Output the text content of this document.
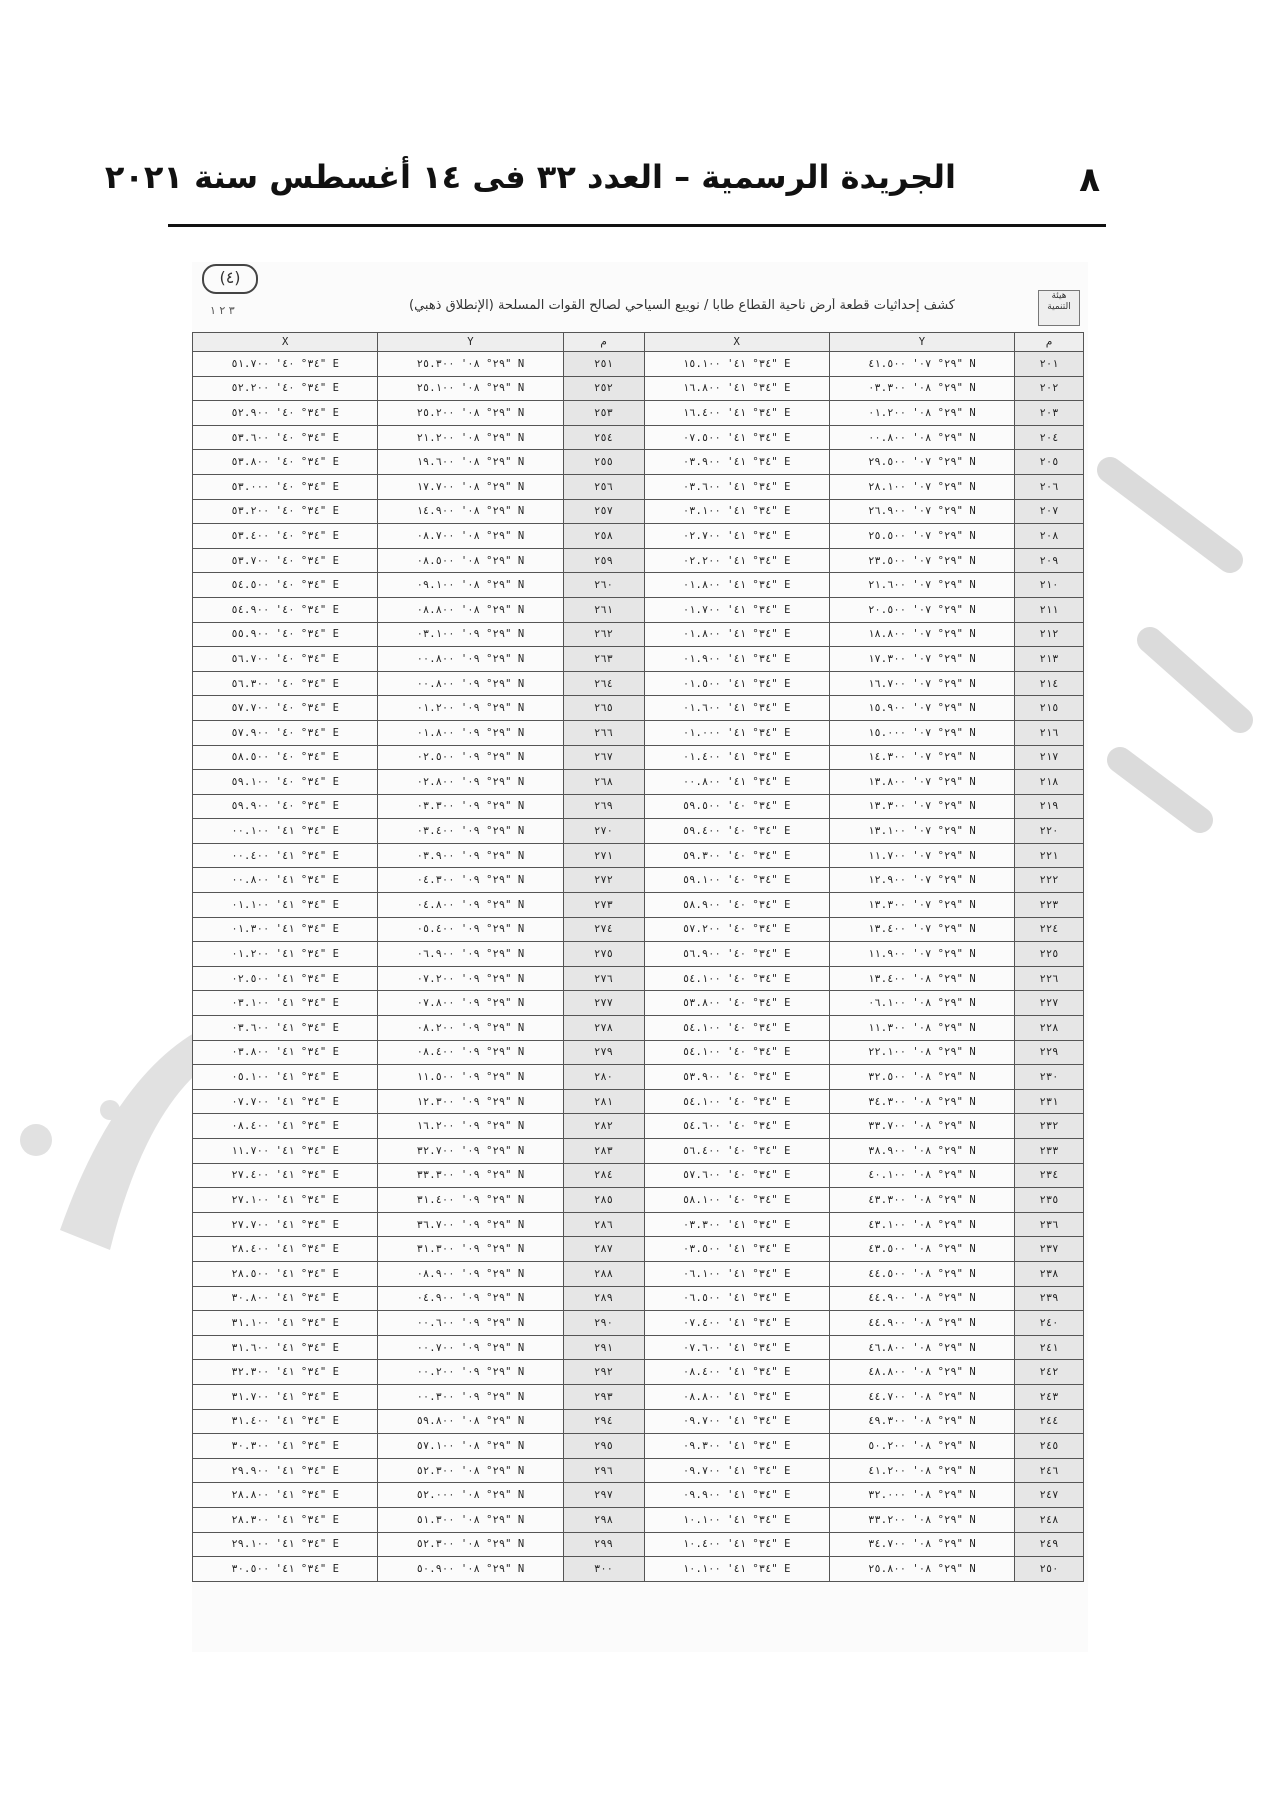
٨
الجريدة الرسمية – العدد ٣٢ فى ١٤ أغسطس سنة ٢٠٢١
(٤)
۱ ۲ ۳	كشف إحداثيات قطعة أرض ناحية القطاع طابا / نويبع السياحي لصالح القوات المسلحة (الإنطلاق ذهبي)
هيئة التنمية
X	Y	م	X	Y	م
٣٤° ٤٠' ٥١.٧٠٠" E	٢٩° ٠٨' ٢٥.٣٠٠" N	٢٥١	٣٤° ٤١' ١٥.١٠٠" E	٢٩° ٠٧' ٤١.٥٠٠" N	٢٠١
٣٤° ٤٠' ٥٢.٢٠٠" E	٢٩° ٠٨' ٢٥.١٠٠" N	٢٥٢	٣٤° ٤١' ١٦.٨٠٠" E	٢٩° ٠٨' ٠٣.٣٠٠" N	٢٠٢
٣٤° ٤٠' ٥٢.٩٠٠" E	٢٩° ٠٨' ٢٥.٢٠٠" N	٢٥٣	٣٤° ٤١' ١٦.٤٠٠" E	٢٩° ٠٨' ٠١.٢٠٠" N	٢٠٣
٣٤° ٤٠' ٥٣.٦٠٠" E	٢٩° ٠٨' ٢١.٢٠٠" N	٢٥٤	٣٤° ٤١' ٠٧.٥٠٠" E	٢٩° ٠٨' ٠٠.٨٠٠" N	٢٠٤
٣٤° ٤٠' ٥٣.٨٠٠" E	٢٩° ٠٨' ١٩.٦٠٠" N	٢٥٥	٣٤° ٤١' ٠٣.٩٠٠" E	٢٩° ٠٧' ٢٩.٥٠٠" N	٢٠٥
٣٤° ٤٠' ٥٣.٠٠٠" E	٢٩° ٠٨' ١٧.٧٠٠" N	٢٥٦	٣٤° ٤١' ٠٣.٦٠٠" E	٢٩° ٠٧' ٢٨.١٠٠" N	٢٠٦
٣٤° ٤٠' ٥٣.٢٠٠" E	٢٩° ٠٨' ١٤.٩٠٠" N	٢٥٧	٣٤° ٤١' ٠٣.١٠٠" E	٢٩° ٠٧' ٢٦.٩٠٠" N	٢٠٧
٣٤° ٤٠' ٥٣.٤٠٠" E	٢٩° ٠٨' ٠٨.٧٠٠" N	٢٥٨	٣٤° ٤١' ٠٢.٧٠٠" E	٢٩° ٠٧' ٢٥.٥٠٠" N	٢٠٨
٣٤° ٤٠' ٥٣.٧٠٠" E	٢٩° ٠٨' ٠٨.٥٠٠" N	٢٥٩	٣٤° ٤١' ٠٢.٢٠٠" E	٢٩° ٠٧' ٢٣.٥٠٠" N	٢٠٩
٣٤° ٤٠' ٥٤.٥٠٠" E	٢٩° ٠٨' ٠٩.١٠٠" N	٢٦٠	٣٤° ٤١' ٠١.٨٠٠" E	٢٩° ٠٧' ٢١.٦٠٠" N	٢١٠
٣٤° ٤٠' ٥٤.٩٠٠" E	٢٩° ٠٨' ٠٨.٨٠٠" N	٢٦١	٣٤° ٤١' ٠١.٧٠٠" E	٢٩° ٠٧' ٢٠.٥٠٠" N	٢١١
٣٤° ٤٠' ٥٥.٩٠٠" E	٢٩° ٠٩' ٠٣.١٠٠" N	٢٦٢	٣٤° ٤١' ٠١.٨٠٠" E	٢٩° ٠٧' ١٨.٨٠٠" N	٢١٢
٣٤° ٤٠' ٥٦.٧٠٠" E	٢٩° ٠٩' ٠٠.٨٠٠" N	٢٦٣	٣٤° ٤١' ٠١.٩٠٠" E	٢٩° ٠٧' ١٧.٣٠٠" N	٢١٣
٣٤° ٤٠' ٥٦.٣٠٠" E	٢٩° ٠٩' ٠٠.٨٠٠" N	٢٦٤	٣٤° ٤١' ٠١.٥٠٠" E	٢٩° ٠٧' ١٦.٧٠٠" N	٢١٤
٣٤° ٤٠' ٥٧.٧٠٠" E	٢٩° ٠٩' ٠١.٢٠٠" N	٢٦٥	٣٤° ٤١' ٠١.٦٠٠" E	٢٩° ٠٧' ١٥.٩٠٠" N	٢١٥
٣٤° ٤٠' ٥٧.٩٠٠" E	٢٩° ٠٩' ٠١.٨٠٠" N	٢٦٦	٣٤° ٤١' ٠١.٠٠٠" E	٢٩° ٠٧' ١٥.٠٠٠" N	٢١٦
٣٤° ٤٠' ٥٨.٥٠٠" E	٢٩° ٠٩' ٠٢.٥٠٠" N	٢٦٧	٣٤° ٤١' ٠١.٤٠٠" E	٢٩° ٠٧' ١٤.٣٠٠" N	٢١٧
٣٤° ٤٠' ٥٩.١٠٠" E	٢٩° ٠٩' ٠٢.٨٠٠" N	٢٦٨	٣٤° ٤١' ٠٠.٨٠٠" E	٢٩° ٠٧' ١٣.٨٠٠" N	٢١٨
٣٤° ٤٠' ٥٩.٩٠٠" E	٢٩° ٠٩' ٠٣.٣٠٠" N	٢٦٩	٣٤° ٤٠' ٥٩.٥٠٠" E	٢٩° ٠٧' ١٣.٣٠٠" N	٢١٩
٣٤° ٤١' ٠٠.١٠٠" E	٢٩° ٠٩' ٠٣.٤٠٠" N	٢٧٠	٣٤° ٤٠' ٥٩.٤٠٠" E	٢٩° ٠٧' ١٣.١٠٠" N	٢٢٠
٣٤° ٤١' ٠٠.٤٠٠" E	٢٩° ٠٩' ٠٣.٩٠٠" N	٢٧١	٣٤° ٤٠' ٥٩.٣٠٠" E	٢٩° ٠٧' ١١.٧٠٠" N	٢٢١
٣٤° ٤١' ٠٠.٨٠٠" E	٢٩° ٠٩' ٠٤.٣٠٠" N	٢٧٢	٣٤° ٤٠' ٥٩.١٠٠" E	٢٩° ٠٧' ١٢.٩٠٠" N	٢٢٢
٣٤° ٤١' ٠١.١٠٠" E	٢٩° ٠٩' ٠٤.٨٠٠" N	٢٧٣	٣٤° ٤٠' ٥٨.٩٠٠" E	٢٩° ٠٧' ١٣.٣٠٠" N	٢٢٣
٣٤° ٤١' ٠١.٣٠٠" E	٢٩° ٠٩' ٠٥.٤٠٠" N	٢٧٤	٣٤° ٤٠' ٥٧.٢٠٠" E	٢٩° ٠٧' ١٣.٤٠٠" N	٢٢٤
٣٤° ٤١' ٠١.٢٠٠" E	٢٩° ٠٩' ٠٦.٩٠٠" N	٢٧٥	٣٤° ٤٠' ٥٦.٩٠٠" E	٢٩° ٠٧' ١١.٩٠٠" N	٢٢٥
٣٤° ٤١' ٠٢.٥٠٠" E	٢٩° ٠٩' ٠٧.٢٠٠" N	٢٧٦	٣٤° ٤٠' ٥٤.١٠٠" E	٢٩° ٠٨' ١٣.٤٠٠" N	٢٢٦
٣٤° ٤١' ٠٣.١٠٠" E	٢٩° ٠٩' ٠٧.٨٠٠" N	٢٧٧	٣٤° ٤٠' ٥٣.٨٠٠" E	٢٩° ٠٨' ٠٦.١٠٠" N	٢٢٧
٣٤° ٤١' ٠٣.٦٠٠" E	٢٩° ٠٩' ٠٨.٢٠٠" N	٢٧٨	٣٤° ٤٠' ٥٤.١٠٠" E	٢٩° ٠٨' ١١.٣٠٠" N	٢٢٨
٣٤° ٤١' ٠٣.٨٠٠" E	٢٩° ٠٩' ٠٨.٤٠٠" N	٢٧٩	٣٤° ٤٠' ٥٤.١٠٠" E	٢٩° ٠٨' ٢٢.١٠٠" N	٢٢٩
٣٤° ٤١' ٠٥.١٠٠" E	٢٩° ٠٩' ١١.٥٠٠" N	٢٨٠	٣٤° ٤٠' ٥٣.٩٠٠" E	٢٩° ٠٨' ٣٢.٥٠٠" N	٢٣٠
٣٤° ٤١' ٠٧.٧٠٠" E	٢٩° ٠٩' ١٢.٣٠٠" N	٢٨١	٣٤° ٤٠' ٥٤.١٠٠" E	٢٩° ٠٨' ٣٤.٣٠٠" N	٢٣١
٣٤° ٤١' ٠٨.٤٠٠" E	٢٩° ٠٩' ١٦.٢٠٠" N	٢٨٢	٣٤° ٤٠' ٥٤.٦٠٠" E	٢٩° ٠٨' ٣٣.٧٠٠" N	٢٣٢
٣٤° ٤١' ١١.٧٠٠" E	٢٩° ٠٩' ٣٢.٧٠٠" N	٢٨٣	٣٤° ٤٠' ٥٦.٤٠٠" E	٢٩° ٠٨' ٣٨.٩٠٠" N	٢٣٣
٣٤° ٤١' ٢٧.٤٠٠" E	٢٩° ٠٩' ٣٣.٣٠٠" N	٢٨٤	٣٤° ٤٠' ٥٧.٦٠٠" E	٢٩° ٠٨' ٤٠.١٠٠" N	٢٣٤
٣٤° ٤١' ٢٧.١٠٠" E	٢٩° ٠٩' ٣١.٤٠٠" N	٢٨٥	٣٤° ٤٠' ٥٨.١٠٠" E	٢٩° ٠٨' ٤٣.٣٠٠" N	٢٣٥
٣٤° ٤١' ٢٧.٧٠٠" E	٢٩° ٠٩' ٣٦.٧٠٠" N	٢٨٦	٣٤° ٤١' ٠٣.٣٠٠" E	٢٩° ٠٨' ٤٣.١٠٠" N	٢٣٦
٣٤° ٤١' ٢٨.٤٠٠" E	٢٩° ٠٩' ٣١.٣٠٠" N	٢٨٧	٣٤° ٤١' ٠٣.٥٠٠" E	٢٩° ٠٨' ٤٣.٥٠٠" N	٢٣٧
٣٤° ٤١' ٢٨.٥٠٠" E	٢٩° ٠٩' ٠٨.٩٠٠" N	٢٨٨	٣٤° ٤١' ٠٦.١٠٠" E	٢٩° ٠٨' ٤٤.٥٠٠" N	٢٣٨
٣٤° ٤١' ٣٠.٨٠٠" E	٢٩° ٠٩' ٠٤.٩٠٠" N	٢٨٩	٣٤° ٤١' ٠٦.٥٠٠" E	٢٩° ٠٨' ٤٤.٩٠٠" N	٢٣٩
٣٤° ٤١' ٣١.١٠٠" E	٢٩° ٠٩' ٠٠.٦٠٠" N	٢٩٠	٣٤° ٤١' ٠٧.٤٠٠" E	٢٩° ٠٨' ٤٤.٩٠٠" N	٢٤٠
٣٤° ٤١' ٣١.٦٠٠" E	٢٩° ٠٩' ٠٠.٧٠٠" N	٢٩١	٣٤° ٤١' ٠٧.٦٠٠" E	٢٩° ٠٨' ٤٦.٨٠٠" N	٢٤١
٣٤° ٤١' ٣٢.٣٠٠" E	٢٩° ٠٩' ٠٠.٢٠٠" N	٢٩٢	٣٤° ٤١' ٠٨.٤٠٠" E	٢٩° ٠٨' ٤٨.٨٠٠" N	٢٤٢
٣٤° ٤١' ٣١.٧٠٠" E	٢٩° ٠٩' ٠٠.٣٠٠" N	٢٩٣	٣٤° ٤١' ٠٨.٨٠٠" E	٢٩° ٠٨' ٤٤.٧٠٠" N	٢٤٣
٣٤° ٤١' ٣١.٤٠٠" E	٢٩° ٠٨' ٥٩.٨٠٠" N	٢٩٤	٣٤° ٤١' ٠٩.٧٠٠" E	٢٩° ٠٨' ٤٩.٣٠٠" N	٢٤٤
٣٤° ٤١' ٣٠.٣٠٠" E	٢٩° ٠٨' ٥٧.١٠٠" N	٢٩٥	٣٤° ٤١' ٠٩.٣٠٠" E	٢٩° ٠٨' ٥٠.٢٠٠" N	٢٤٥
٣٤° ٤١' ٢٩.٩٠٠" E	٢٩° ٠٨' ٥٢.٣٠٠" N	٢٩٦	٣٤° ٤١' ٠٩.٧٠٠" E	٢٩° ٠٨' ٤١.٢٠٠" N	٢٤٦
٣٤° ٤١' ٢٨.٨٠٠" E	٢٩° ٠٨' ٥٢.٠٠٠" N	٢٩٧	٣٤° ٤١' ٠٩.٩٠٠" E	٢٩° ٠٨' ٣٢.٠٠٠" N	٢٤٧
٣٤° ٤١' ٢٨.٣٠٠" E	٢٩° ٠٨' ٥١.٣٠٠" N	٢٩٨	٣٤° ٤١' ١٠.١٠٠" E	٢٩° ٠٨' ٣٣.٢٠٠" N	٢٤٨
٣٤° ٤١' ٢٩.١٠٠" E	٢٩° ٠٨' ٥٢.٣٠٠" N	٢٩٩	٣٤° ٤١' ١٠.٤٠٠" E	٢٩° ٠٨' ٣٤.٧٠٠" N	٢٤٩
٣٤° ٤١' ٣٠.٥٠٠" E	٢٩° ٠٨' ٥٠.٩٠٠" N	٣٠٠	٣٤° ٤١' ١٠.١٠٠" E	٢٩° ٠٨' ٢٥.٨٠٠" N	٢٥٠
